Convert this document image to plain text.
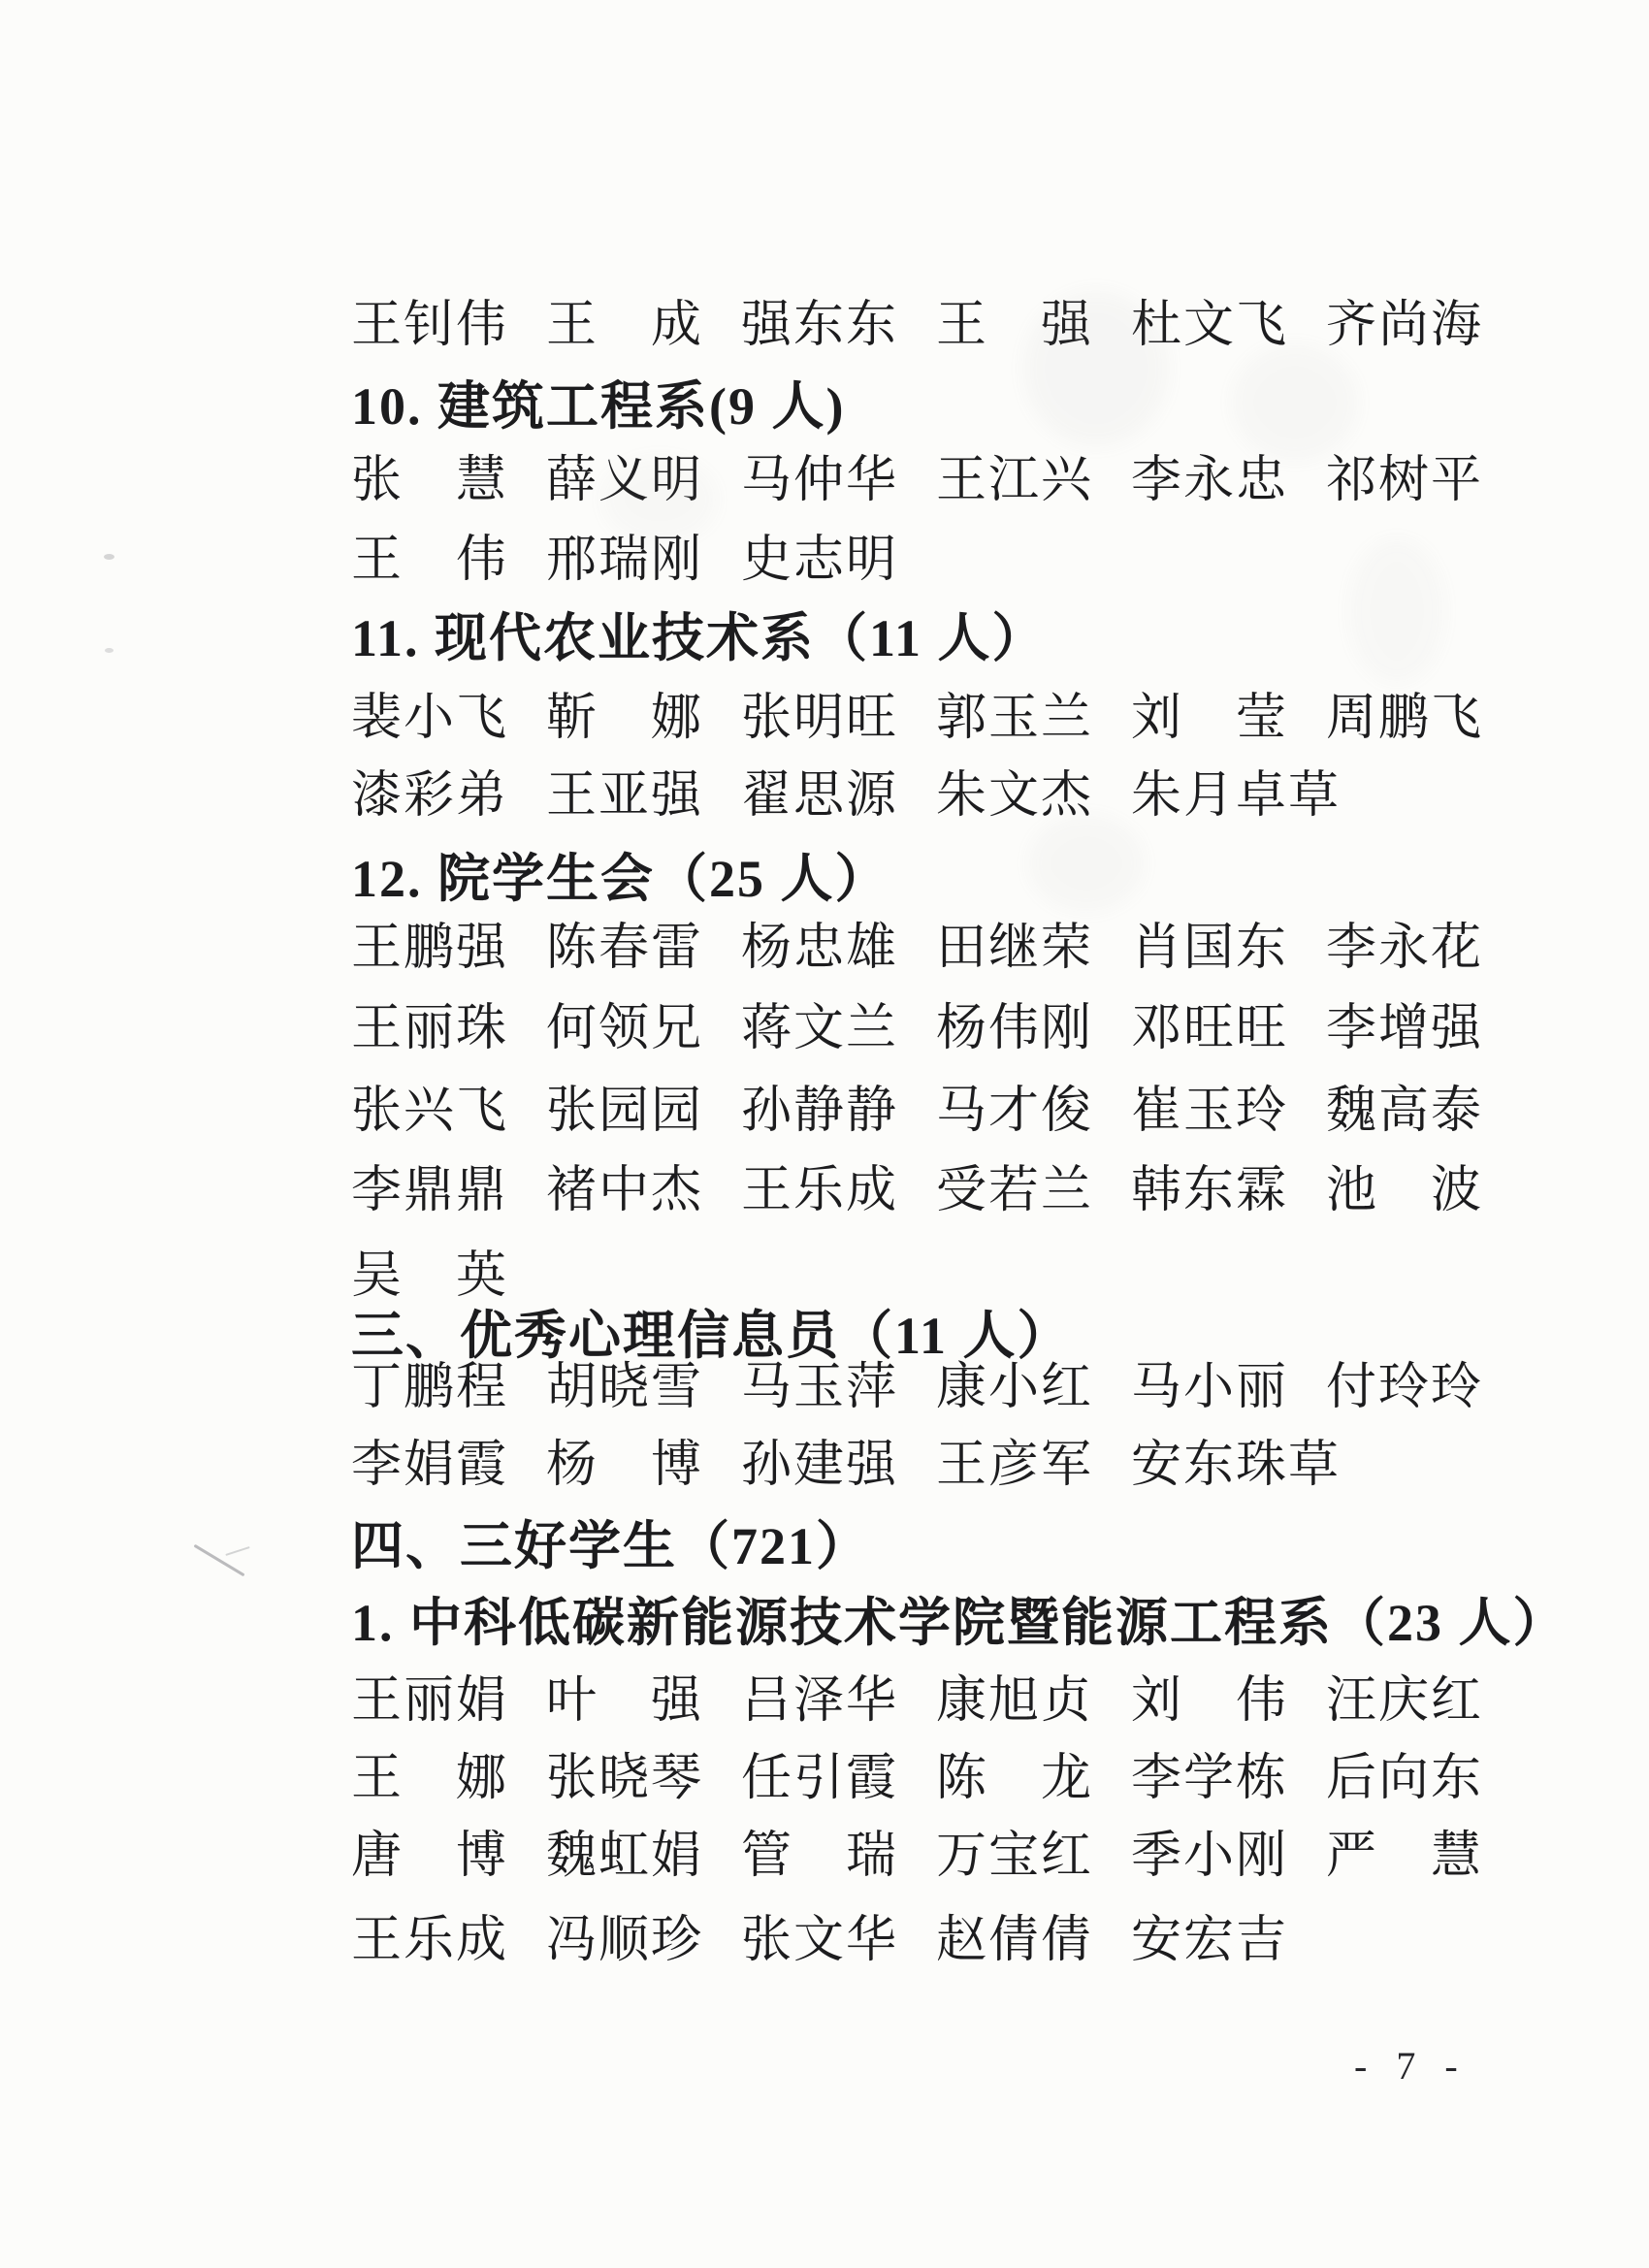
王钊伟 王　成 强东东 王　强 杜文飞 齐尚海
10. 建筑工程系(9 人)
张　慧 薛义明 马仲华 王江兴 李永忠 祁树平
王　伟 邢瑞刚 史志明
11. 现代农业技术系（11 人）
裴小飞 靳　娜 张明旺 郭玉兰 刘　莹 周鹏飞
漆彩弟 王亚强 翟思源 朱文杰 朱月卓草
12. 院学生会（25 人）
王鹏强 陈春雷 杨忠雄 田继荣 肖国东 李永花
王丽珠 何领兄 蒋文兰 杨伟刚 邓旺旺 李增强
张兴飞 张园园 孙静静 马才俊 崔玉玲 魏高泰
李鼎鼎 褚中杰 王乐成 受若兰 韩东霖 池　波
吴　英
三、优秀心理信息员（11 人）
丁鹏程 胡晓雪 马玉萍 康小红 马小丽 付玲玲
李娟霞 杨　博 孙建强 王彦军 安东珠草
四、三好学生（721）
1. 中科低碳新能源技术学院暨能源工程系（23 人）
王丽娟 叶　强 吕泽华 康旭贞 刘　伟 汪庆红
王　娜 张晓琴 任引霞 陈　龙 李学栋 后向东
唐　博 魏虹娟 管　瑞 万宝红 季小刚 严　慧
王乐成 冯顺珍 张文华 赵倩倩 安宏吉
- 7 -
